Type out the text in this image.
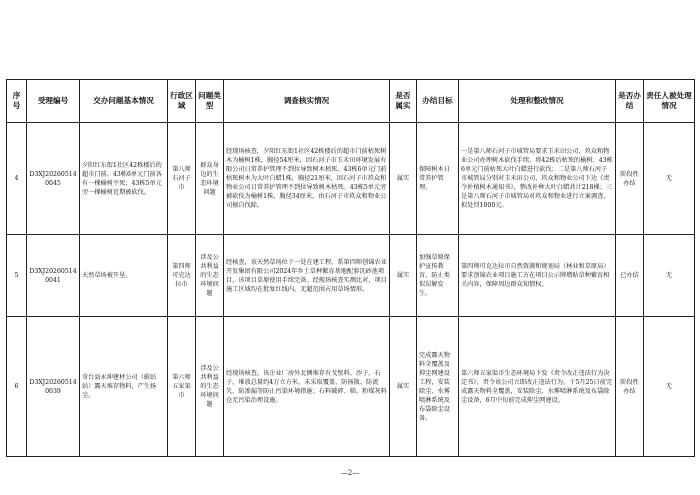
序号	受理编号	交办问题基本情况	行政区域	问题类型	调查核实情况	是否属实	办结目标	处理和整改情况	是否办结	责任人被处理情况
4	D3XJ202605140045	夕阳红东街1社区42栋楼后的超市门前、43栋6单元门前各有一棵榆树平死；43栋5单元旁一棵榆树近期被砍伐。	第八师石河子市	群众身边的生态环境问题	经现场核查，夕阳红东街1社区42栋楼后的超市门前枯死树木为榆树1株，胸径54厘米，因石河子市玉禾田环境发展有限公司日常养护管理不到位导致树木枯死。43栋6单元门前枯死树木为大叶白蜡1株，胸径21厘米，因石河子市玖众和物业公司日常养护管理不到位导致树木枯死。43栋5单元旁被砍伐为榆树1株，胸径34厘米，由石河子市玖众和物业公司擅自伐除。	属实	保障树木日常养护管理。	一是第八师石河子市城管局要求玉禾田公司、玖众和物业公司办理树木砍伐手续，将42栋后枯死的榆树、43栋6单元门前枯死大叶白蜡进行砍伐；二是第八师石河子市城管局分别对玉禾田公司、玖众和物业公司下达《责令补植树木通知书》，整改补种大叶白蜡共计218棵；三是第八师石河子市城管局对玖众和物业进行立案调查，拟处罚1000元。	阶段性办结	无
5	D3XJ202605140041	天然草场被开垦。	第四师可克达拉市	涉及公共利益的生态环境问题	经核查，该天然草场位于一处在建工程，系第四师创锦农业开发集团有限公司2024年乡土草种繁育基地配套沉砂池项目，该项目草原使用手续完备。经现场核查实测比对，项目施工区域均在批复红线内，无超范围占用草场情形。	属实	加强草原保护宣传教育，防止类似误解发生。	第四师可克达拉市自然资源和规划局（林业和草原局）要求创锦农业项目施工方在项目公示牌增贴草种繁育相关内容，保障周边群众知情权。	已办结	无
6	D3XJ202605140039	奇台县永坤建材公司（蔚站站）露天堆存物料，产生扬尘。	第六师五家渠市	涉及公共利益的生态环境问题	经现场核查，该企业厂房外北侧堆存有戈壁料、沙子、石子，堆放总量约4万立方米，未采取覆盖、防扬散、防流失、防渗漏等防止污染环境措施；石料破碎、筛、粉煤灰料仓无污染治理设施。	属实	完成露天物料全覆盖及抑尘网建设工程，安装除尘、水雾喷淋系统及布袋除尘设备。	第六师五家渠市生态环境局下发《责令改正违法行为决定书》，责令该公司立即改正违法行为，于5月25日前完成露天物料全覆盖，安装除尘、水雾喷淋系统及布袋除尘设备，6月中旬前完成抑尘网建设。	阶段性办结	无
—2—
